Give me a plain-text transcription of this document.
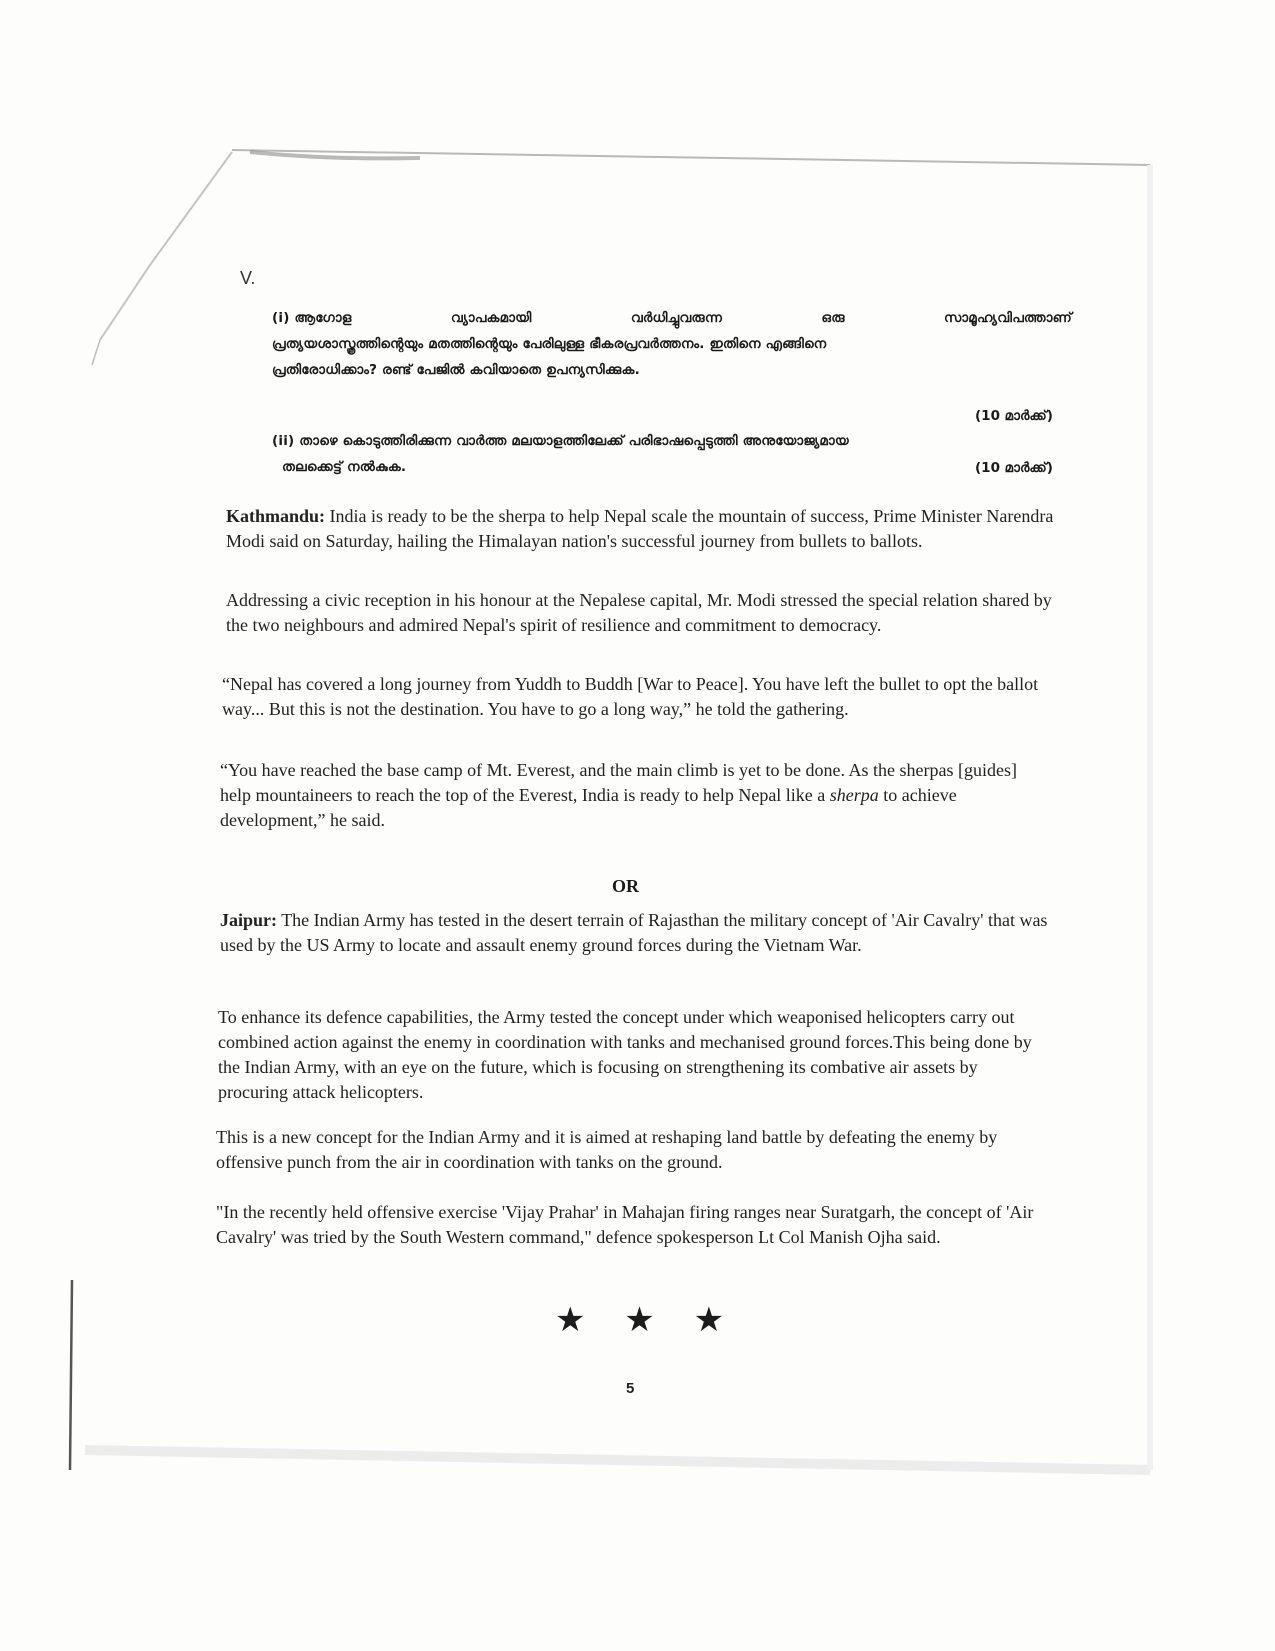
V.
(i) ആഗോള	വ്യാപകമായി	വർധിച്ചുവരുന്ന	ഒരു	സാമൂഹ്യവിപത്താണ്
പ്രത്യയശാസ്ത്രത്തിന്റെയും മതത്തിന്റെയും പേരിലുള്ള ഭീകരപ്രവർത്തനം. ഇതിനെ എങ്ങിനെ
പ്രതിരോധിക്കാം? രണ്ട് പേജിൽ കവിയാതെ ഉപന്യസിക്കുക.
(10 മാർക്ക്)
(ii) താഴെ കൊടുത്തിരിക്കുന്ന വാർത്ത മലയാളത്തിലേക്ക് പരിഭാഷപ്പെടുത്തി അനുയോജ്യമായ
തലക്കെട്ട് നൽകുക.	(10 മാർക്ക്)

Kathmandu: India is ready to be the sherpa to help Nepal scale the mountain of success, Prime Minister Narendra Modi said on Saturday, hailing the Himalayan nation's successful journey from bullets to ballots.

Addressing a civic reception in his honour at the Nepalese capital, Mr. Modi stressed the special relation shared by the two neighbours and admired Nepal's spirit of resilience and commitment to democracy.

“Nepal has covered a long journey from Yuddh to Buddh [War to Peace]. You have left the bullet to opt the ballot way... But this is not the destination. You have to go a long way,” he told the gathering.

“You have reached the base camp of Mt. Everest, and the main climb is yet to be done. As the sherpas [guides] help mountaineers to reach the top of the Everest, India is ready to help Nepal like a sherpa to achieve development,” he said.

OR

Jaipur: The Indian Army has tested in the desert terrain of Rajasthan the military concept of 'Air Cavalry' that was used by the US Army to locate and assault enemy ground forces during the Vietnam War.

To enhance its defence capabilities, the Army tested the concept under which weaponised helicopters carry out combined action against the enemy in coordination with tanks and mechanised ground forces.This being done by the Indian Army, with an eye on the future, which is focusing on strengthening its combative air assets by procuring attack helicopters.

This is a new concept for the Indian Army and it is aimed at reshaping land battle by defeating the enemy by offensive punch from the air in coordination with tanks on the ground.

"In the recently held offensive exercise 'Vijay Prahar' in Mahajan firing ranges near Suratgarh, the concept of 'Air Cavalry' was tried by the South Western command," defence spokesperson Lt Col Manish Ojha said.

★ ★ ★
5
